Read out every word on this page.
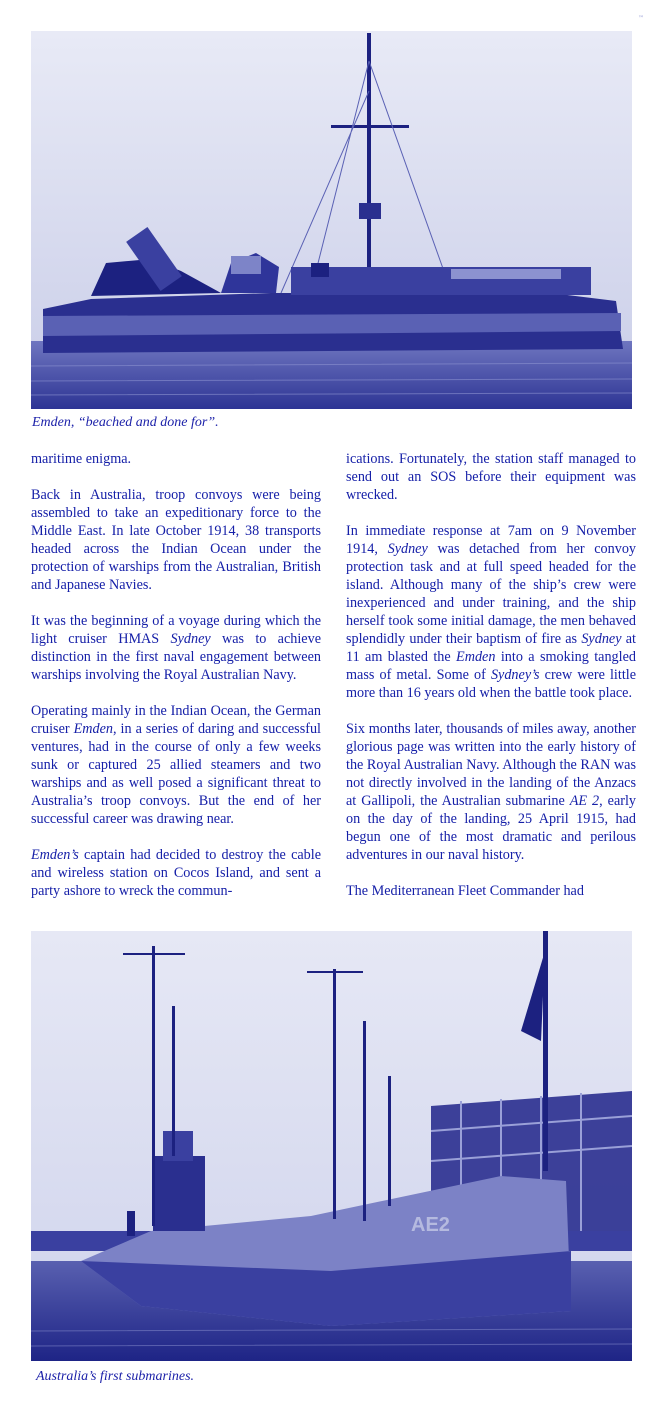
™
Emden, “beached and done for”.

maritime enigma.

Back in Australia, troop convoys were being assembled to take an expeditionary force to the Middle East. In late October 1914, 38 transports headed across the Indian Ocean under the protection of warships from the Australian, British and Japanese Navies.

It was the beginning of a voyage during which the light cruiser HMAS Sydney was to achieve distinction in the first naval engagement between warships involving the Royal Australian Navy.

Operating mainly in the Indian Ocean, the German cruiser Emden, in a series of daring and successful ventures, had in the course of only a few weeks sunk or captured 25 allied steamers and two warships and as well posed a significant threat to Australia’s troop convoys. But the end of her successful career was drawing near.

Emden’s captain had decided to destroy the cable and wireless station on Cocos Island, and sent a party ashore to wreck the commun-

ications. Fortunately, the station staff managed to send out an SOS before their equipment was wrecked.

In immediate response at 7am on 9 November 1914, Sydney was detached from her convoy protection task and at full speed headed for the island. Although many of the ship’s crew were inexperienced and under training, and the ship herself took some initial damage, the men behaved splendidly under their baptism of fire as Sydney at 11 am blasted the Emden into a smoking tangled mass of metal. Some of Sydney’s crew were little more than 16 years old when the battle took place.

Six months later, thousands of miles away, another glorious page was written into the early history of the Royal Australian Navy. Although the RAN was not directly involved in the landing of the Anzacs at Gallipoli, the Australian submarine AE 2, early on the day of the landing, 25 April 1915, had begun one of the most dramatic and perilous adventures in our naval history.

The Mediterranean Fleet Commander had

AE2
Australia’s first submarines.
